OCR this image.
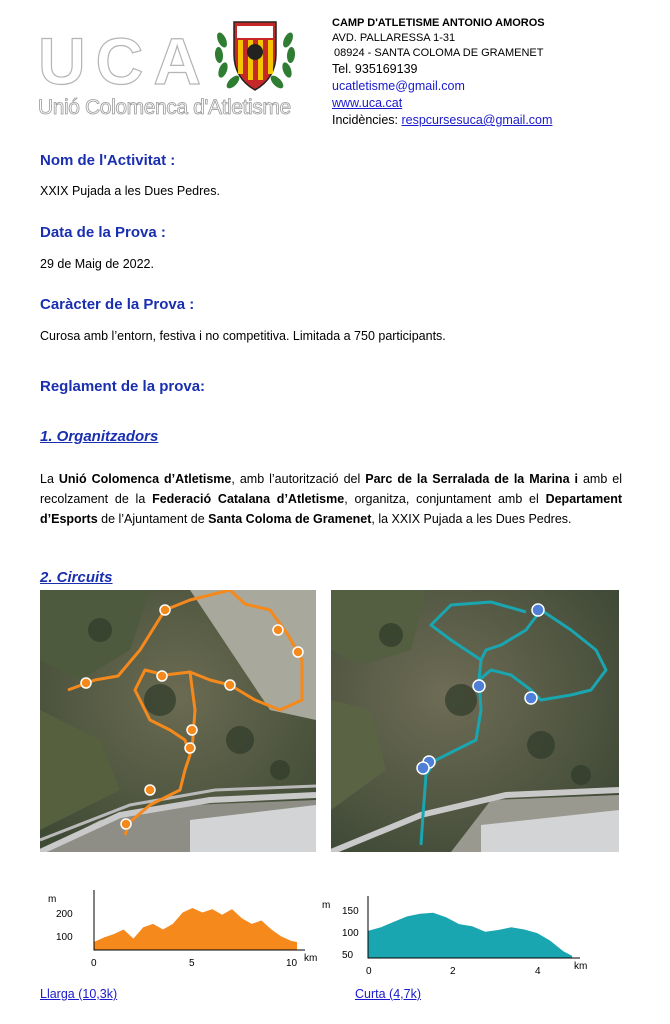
UCA
Unió Colomenca d'Atletisme
CAMP D'ATLETISME ANTONIO AMOROS
AVD. PALLARESSA 1-31
08924 - SANTA COLOMA DE GRAMENET
Tel. 935169139
ucatletisme@gmail.com
www.uca.cat
Incidències: respcursesuca@gmail.com
Nom de l'Activitat :
XXIX Pujada a les Dues Pedres.
Data de la Prova :
29 de Maig de 2022.
Caràcter de la Prova :
Curosa amb l’entorn, festiva i no competitiva. Limitada a 750 participants.
Reglament de la prova:
1. Organitzadors
La Unió Colomenca d’Atletisme, amb l’autorització del Parc de la Serralada de la Marina i amb el recolzament de la Federació Catalana d’Atletisme, organitza, conjuntament amb el Departament d’Esports de l’Ajuntament de Santa Coloma de Gramenet, la XXIX Pujada a les Dues Pedres.
2. Circuits
m
km
200
100
0	5	10
m
km
150
100
50
0	2	4
Llarga (10,3k)	Curta (4,7k)
